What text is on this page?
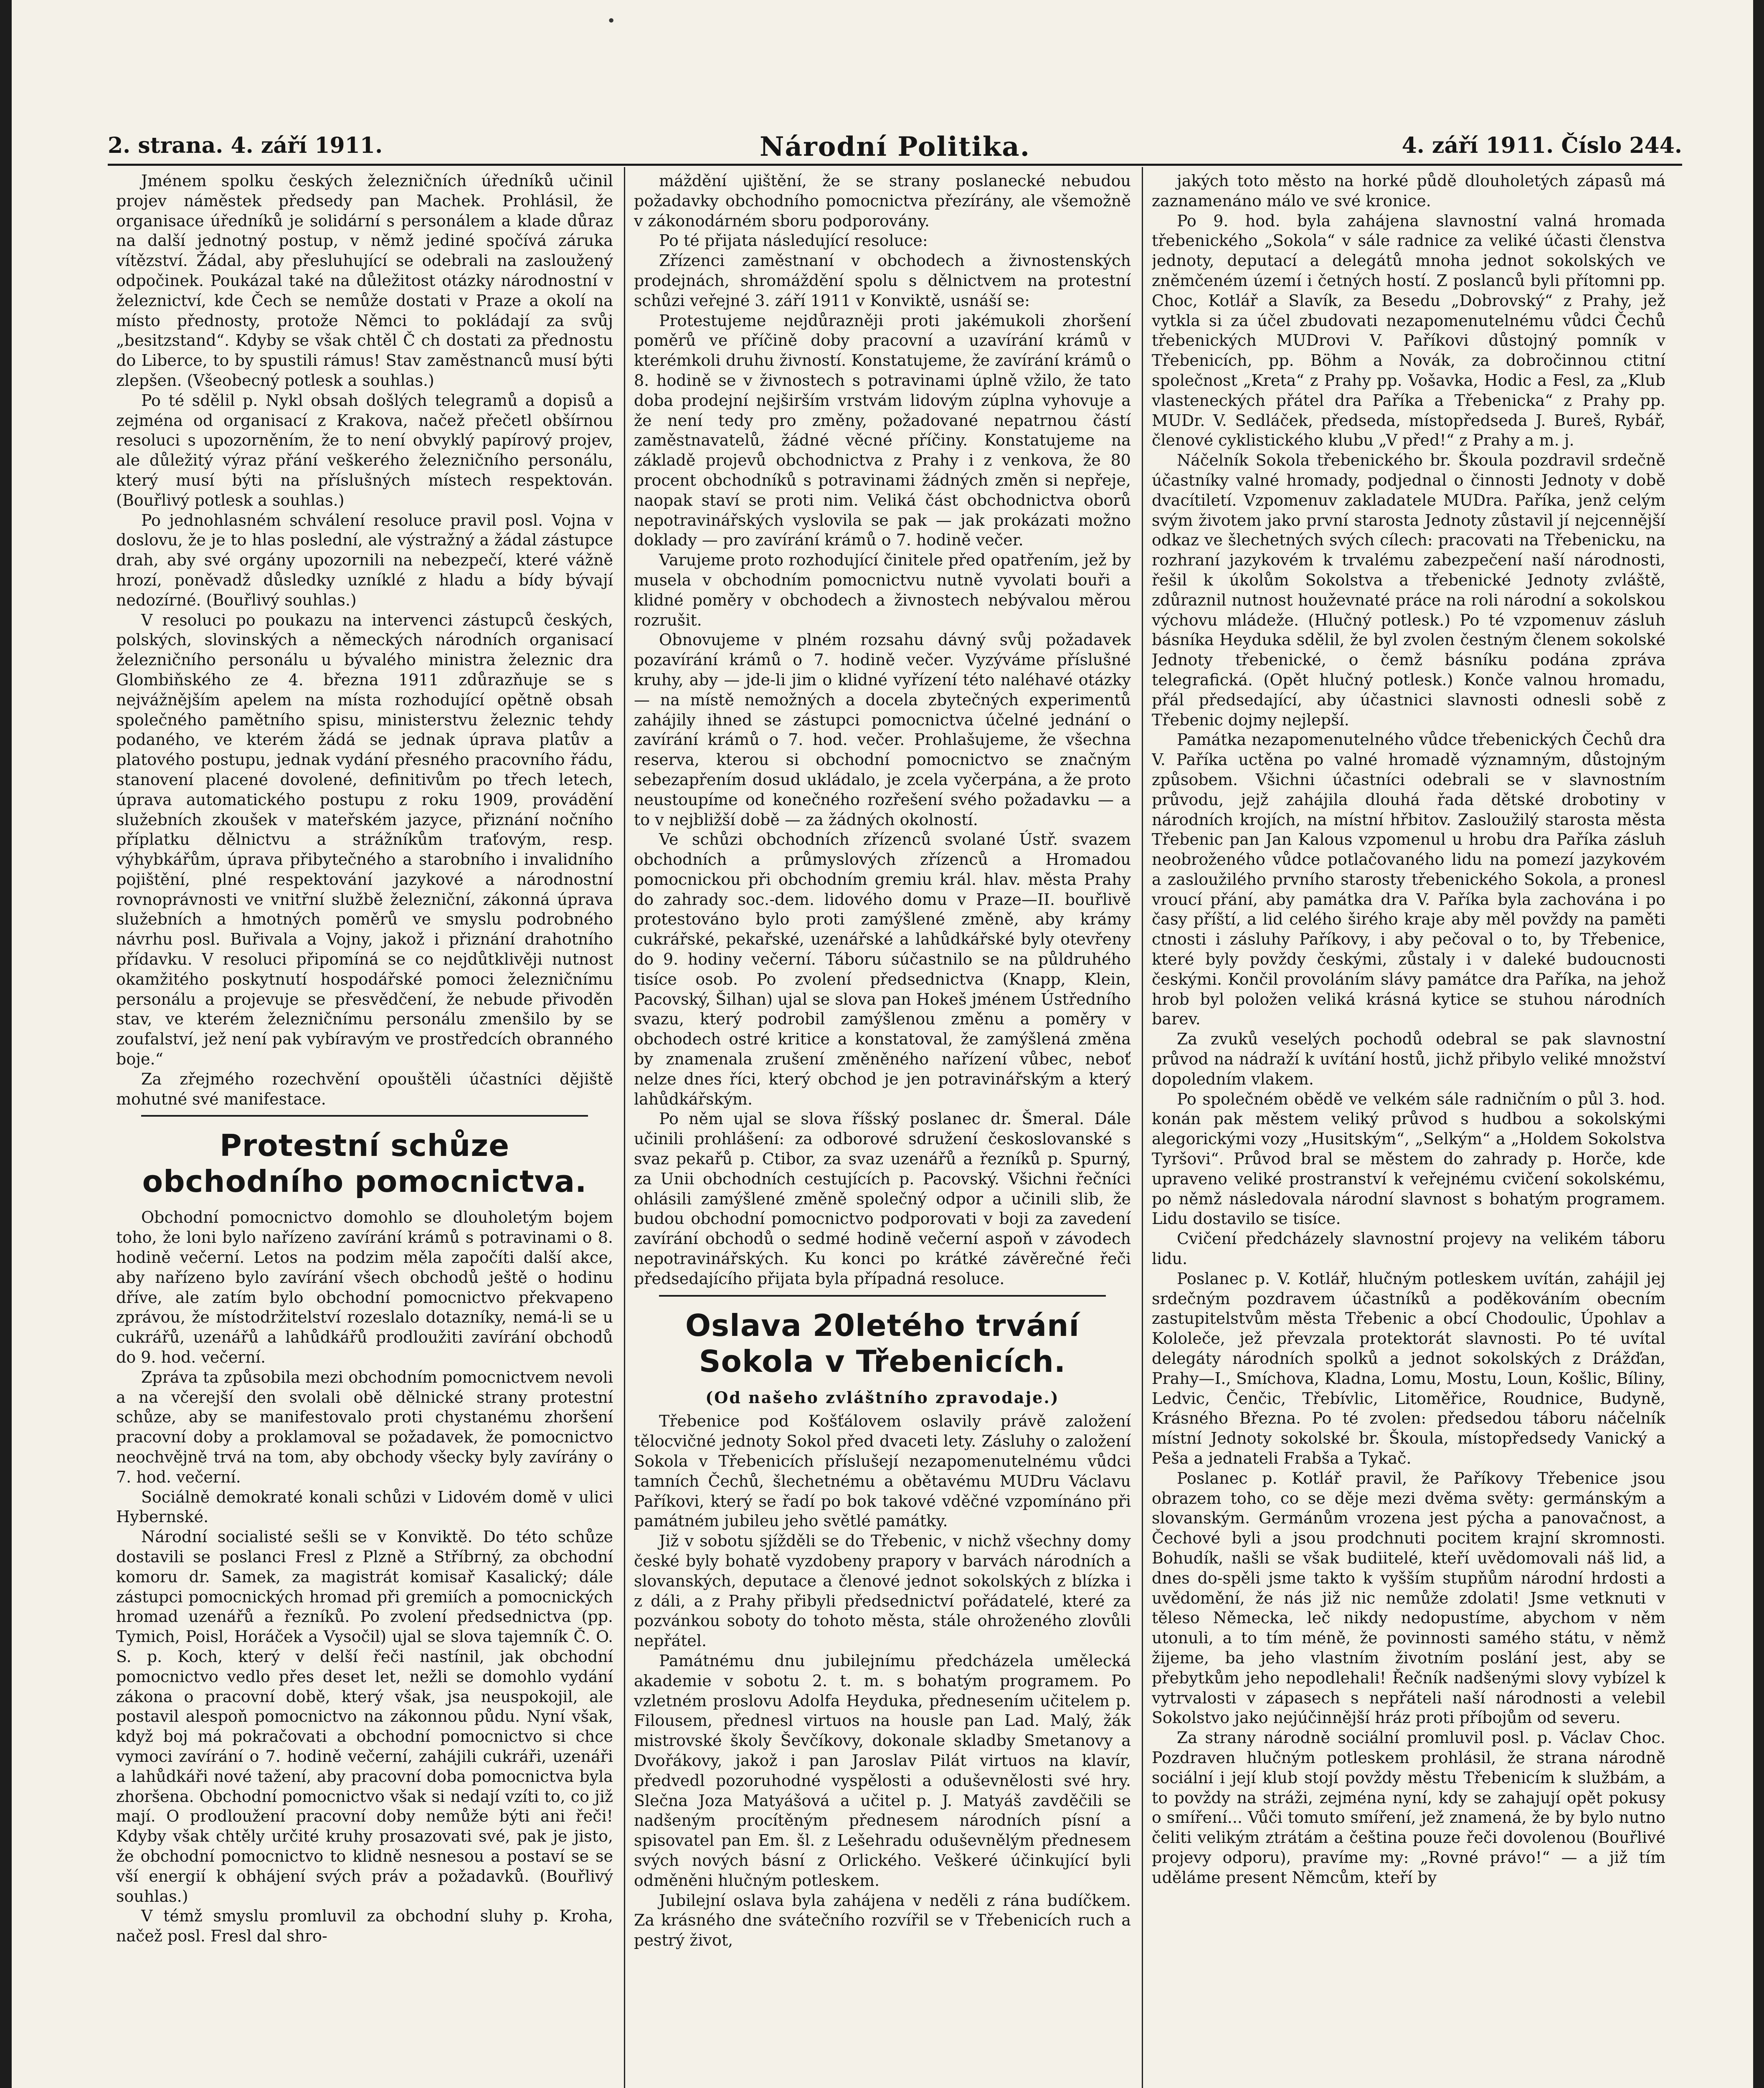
•
2. strana. 4. září 1911.	Národní Politika.	4. září 1911. Číslo 244.

Jménem spolku českých železničních úředníků učinil projev náměstek předsedy pan Machek. Prohlásil, že organisace úředníků je solidární s personálem a klade důraz na další jednotný postup, v němž jediné spočívá záruka vítězství. Žádal, aby přesluhující se odebrali na zasloužený odpočinek. Poukázal také na důležitost otázky národnostní v železnictví, kde Čech se nemůže dostati v Praze a okolí na místo přednosty, protože Němci to pokládají za svůj „besitzstand“. Kdyby se však chtěl Č ch dostati za přednostu do Liberce, to by spustili rámus! Stav zaměstnanců musí býti zlepšen. (Všeobecný potlesk a souhlas.)

Po té sdělil p. Nykl obsah došlých telegramů a dopisů a zejména od organisací z Krakova, načež přečetl obšírnou resoluci s upozorněním, že to není obvyklý papírový projev, ale důležitý výraz přání veškerého železničního personálu, který musí býti na příslušných místech respektován. (Bouřlivý potlesk a souhlas.)

Po jednohlasném schválení resoluce pravil posl. Vojna v doslovu, že je to hlas poslední, ale výstražný a žádal zástupce drah, aby své orgány upozornili na nebezpečí, které vážně hrozí, poněvadž důsledky uzníklé z hladu a bídy bývají nedozírné. (Bouřlivý souhlas.)

V resoluci po poukazu na intervenci zástupců českých, polských, slovinských a německých národních organisací železničního personálu u bývalého ministra železnic dra Glombiňského ze 4. března 1911 zdůrazňuje se s nejvážnějším apelem na místa rozhodující opětně obsah společného pamětního spisu, ministerstvu železnic tehdy podaného, ve kterém žádá se jednak úprava platův a platového postupu, jednak vydání přesného pracovního řádu, stanovení placené dovolené, definitivům po třech letech, úprava automatického postupu z roku 1909, provádění služebních zkoušek v mateřském jazyce, přiznání nočního příplatku dělnictvu a strážníkům traťovým, resp. výhybkářům, úprava přibytečného a starobního i invalidního pojištění, plné respektování jazykové a národnostní rovnoprávnosti ve vnitřní službě železniční, zákonná úprava služebních a hmotných poměrů ve smyslu podrobného návrhu posl. Buřivala a Vojny, jakož i přiznání drahotního přídavku. V resoluci připomíná se co nejdůtklivěji nutnost okamžitého poskytnutí hospodářské pomoci železničnímu personálu a projevuje se přesvědčení, že nebude přivoděn stav, ve kterém železničnímu personálu zmenšilo by se zoufalství, jež není pak vybíravým ve prostředcích obranného boje.“

Za zřejmého rozechvění opouštěli účastníci dějiště mohutné své manifestace.

Protestní schůze obchodního pomocnictva.

Obchodní pomocnictvo domohlo se dlouholetým bojem toho, že loni bylo nařízeno zavírání krámů s potravinami o 8. hodině večerní. Letos na podzim měla započíti další akce, aby nařízeno bylo zavírání všech obchodů ještě o hodinu dříve, ale zatím bylo obchodní pomocnictvo překvapeno zprávou, že místodržitelství rozeslalo dotazníky, nemá-li se u cukrářů, uzenářů a lahůdkářů prodloužiti zavírání obchodů do 9. hod. večerní.

Zpráva ta způsobila mezi obchodním pomocnictvem nevoli a na včerejší den svolali obě dělnické strany protestní schůze, aby se manifestovalo proti chystanému zhoršení pracovní doby a proklamoval se požadavek, že pomocnictvo neochvějně trvá na tom, aby obchody všecky byly zavírány o 7. hod. večerní.

Sociálně demokraté konali schůzi v Lidovém domě v ulici Hybernské.

Národní socialisté sešli se v Konviktě. Do této schůze dostavili se poslanci Fresl z Plzně a Stříbrný, za obchodní komoru dr. Samek, za magistrát komisař Kasalický; dále zástupci pomocnických hromad při gremiích a pomocnických hromad uzenářů a řezníků. Po zvolení předsednictva (pp. Tymich, Poisl, Horáček a Vysočil) ujal se slova tajemník Č. O. S. p. Koch, který v delší řeči nastínil, jak obchodní pomocnictvo vedlo přes deset let, nežli se domohlo vydání zákona o pracovní době, který však, jsa neuspokojil, ale postavil alespoň pomocnictvo na zákonnou půdu. Nyní však, když boj má pokračovati a obchodní pomocnictvo si chce vymoci zavírání o 7. hodině večerní, zahájili cukráři, uzenáři a lahůdkáři nové tažení, aby pracovní doba pomocnictva byla zhoršena. Obchodní pomocnictvo však si nedají vzíti to, co již mají. O prodloužení pracovní doby nemůže býti ani řeči! Kdyby však chtěly určité kruhy prosazovati své, pak je jisto, že obchodní pomocnictvo to klidně nesnesou a postaví se se vší energií k obhájení svých práv a požadavků. (Bouřlivý souhlas.)

V témž smyslu promluvil za obchodní sluhy p. Kroha, načež posl. Fresl dal shro-

máždění ujištění, že se strany poslanecké nebudou požadavky obchodního pomocnictva přezírány, ale všemožně v zákonodárném sboru podporovány.

Po té přijata následující resoluce:

Zřízenci zaměstnaní v obchodech a živnostenských prodejnách, shromáždění spolu s dělnictvem na protestní schůzi veřejné 3. září 1911 v Konviktě, usnáší se:

Protestujeme nejdůrazněji proti jakémukoli zhoršení poměrů ve příčině doby pracovní a uzavírání krámů v kterémkoli druhu živností. Konstatujeme, že zavírání krámů o 8. hodině se v živnostech s potravinami úplně vžilo, že tato doba prodejní nejširším vrstvám lidovým zúplna vyhovuje a že není tedy pro změny, požadované nepatrnou částí zaměstnavatelů, žádné věcné příčiny. Konstatujeme na základě projevů obchodnictva z Prahy i z venkova, že 80 procent obchodníků s potravinami žádných změn si nepřeje, naopak staví se proti nim. Veliká část obchodnictva oborů nepotravinářských vyslovila se pak — jak prokázati možno doklady — pro zavírání krámů o 7. hodině večer.

Varujeme proto rozhodující činitele před opatřením, jež by musela v obchodním pomocnictvu nutně vyvolati bouři a klidné poměry v obchodech a živnostech nebývalou měrou rozrušit.

Obnovujeme v plném rozsahu dávný svůj požadavek pozavírání krámů o 7. hodině večer. Vyzýváme příslušné kruhy, aby — jde-li jim o klidné vyřízení této naléhavé otázky — na místě nemožných a docela zbytečných experimentů zahájily ihned se zástupci pomocnictva účelné jednání o zavírání krámů o 7. hod. večer. Prohlašujeme, že všechna reserva, kterou si obchodní pomocnictvo se značným sebezapřením dosud ukládalo, je zcela vyčerpána, a že proto neustoupíme od konečného rozřešení svého požadavku — a to v nejbližší době — za žádných okolností.

Ve schůzi obchodních zřízenců svolané Ústř. svazem obchodních a průmyslových zřízenců a Hromadou pomocnickou při obchodním gremiu král. hlav. města Prahy do zahrady soc.-dem. lidového domu v Praze—II. bouřlivě protestováno bylo proti zamýšlené změně, aby krámy cukrářské, pekařské, uzenářské a lahůdkářské byly otevřeny do 9. hodiny večerní. Táboru súčastnilo se na půldruhého tisíce osob. Po zvolení předsednictva (Knapp, Klein, Pacovský, Šilhan) ujal se slova pan Hokeš jménem Ústředního svazu, který podrobil zamýšlenou změnu a poměry v obchodech ostré kritice a konstatoval, že zamýšlená změna by znamenala zrušení změněného nařízení vůbec, neboť nelze dnes říci, který obchod je jen potravinářským a který lahůdkářským.

Po něm ujal se slova říšský poslanec dr. Šmeral. Dále učinili prohlášení: za odborové sdružení českoslovanské s svaz pekařů p. Ctibor, za svaz uzenářů a řezníků p. Spurný, za Unii obchodních cestujících p. Pacovský. Všichni řečníci ohlásili zamýšlené změně společný odpor a učinili slib, že budou obchodní pomocnictvo podporovati v boji za zavedení zavírání obchodů o sedmé hodině večerní aspoň v závodech nepotravinářských. Ku konci po krátké závěrečné řeči předsedajícího přijata byla případná resoluce.

Oslava 20letého trvání Sokola v Třebenicích.
(Od našeho zvláštního zpravodaje.)

Třebenice pod Košťálovem oslavily právě založení tělocvičné jednoty Sokol před dvaceti lety. Zásluhy o založení Sokola v Třebenicích příslušejí nezapomenutelnému vůdci tamních Čechů, šlechetnému a obětavému MUDru Václavu Paříkovi, který se řadí po bok takové vděčné vzpomínáno při památném jubileu jeho světlé památky.

Již v sobotu sjížděli se do Třebenic, v nichž všechny domy české byly bohatě vyzdobeny prapory v barvách národních a slovanských, deputace a členové jednot sokolských z blízka i z dáli, a z Prahy přibyli předsednictví pořádatelé, které za pozvánkou soboty do tohoto města, stále ohroženého zlovůli nepřátel.

Památnému dnu jubilejnímu předcházela umělecká akademie v sobotu 2. t. m. s bohatým programem. Po vzletném proslovu Adolfa Heyduka, přednesením učitelem p. Filousem, přednesl virtuos na housle pan Lad. Malý, žák mistrovské školy Ševčíkovy, dokonale skladby Smetanovy a Dvořákovy, jakož i pan Jaroslav Pilát virtuos na klavír, předvedl pozoruhodné vyspělosti a oduševnělosti své hry. Slečna Joza Matyášová a učitel p. J. Matyáš zavděčili se nadšeným procítěným přednesem národních písní a spisovatel pan Em. šl. z Lešehradu oduševnělým přednesem svých nových básní z Orlického. Veškeré účinkující byli odměněni hlučným potleskem.

Jubilejní oslava byla zahájena v neděli z rána budíčkem. Za krásného dne svátečního rozvířil se v Třebenicích ruch a pestrý život,

jakých toto město na horké půdě dlouholetých zápasů má zaznamenáno málo ve své kronice.

Po 9. hod. byla zahájena slavnostní valná hromada třebenického „Sokola“ v sále radnice za veliké účasti členstva jednoty, deputací a delegátů mnoha jednot sokolských ve zněmčeném území i četných hostí. Z poslanců byli přítomni pp. Choc, Kotlář a Slavík, za Besedu „Dobrovský“ z Prahy, jež vytkla si za účel zbudovati nezapomenutelnému vůdci Čechů třebenických MUDrovi V. Paříkovi důstojný pomník v Třebenicích, pp. Böhm a Novák, za dobročinnou ctitní společnost „Kreta“ z Prahy pp. Vošavka, Hodic a Fesl, za „Klub vlasteneckých přátel dra Paříka a Třebenicka“ z Prahy pp. MUDr. V. Sedláček, předseda, místopředseda J. Bureš, Rybář, členové cyklistického klubu „V před!“ z Prahy a m. j.

Náčelník Sokola třebenického br. Škoula pozdravil srdečně účastníky valné hromady, podjednal o činnosti Jednoty v době dvacítiletí. Vzpomenuv zakladatele MUDra. Paříka, jenž celým svým životem jako první starosta Jednoty zůstavil jí nejcennější odkaz ve šlechetných svých cílech: pracovati na Třebenicku, na rozhraní jazykovém k trvalému zabezpečení naší národnosti, řešil k úkolům Sokolstva a třebenické Jednoty zvláště, zdůraznil nutnost houževnaté práce na roli národní a sokolskou výchovu mládeže. (Hlučný potlesk.) Po té vzpomenuv zásluh básníka Heyduka sdělil, že byl zvolen čestným členem sokolské Jednoty třebenické, o čemž básníku podána zpráva telegrafická. (Opět hlučný potlesk.) Konče valnou hromadu, přál předsedající, aby účastnici slavnosti odnesli sobě z Třebenic dojmy nejlepší.

Památka nezapomenutelného vůdce třebenických Čechů dra V. Paříka uctěna po valné hromadě významným, důstojným způsobem. Všichni účastníci odebrali se v slavnostním průvodu, jejž zahájila dlouhá řada dětské drobotiny v národních krojích, na místní hřbitov. Zasloužilý starosta města Třebenic pan Jan Kalous vzpomenul u hrobu dra Paříka zásluh neobroženého vůdce potlačovaného lidu na pomezí jazykovém a zasloužilého prvního starosty třebenického Sokola, a pronesl vroucí přání, aby památka dra V. Paříka byla zachována i po časy příští, a lid celého širého kraje aby měl povždy na paměti ctnosti i zásluhy Paříkovy, i aby pečoval o to, by Třebenice, které byly povždy českými, zůstaly i v daleké budoucnosti českými. Končil provoláním slávy památce dra Paříka, na jehož hrob byl položen veliká krásná kytice se stuhou národních barev.

Za zvuků veselých pochodů odebral se pak slavnostní průvod na nádraží k uvítání hostů, jichž přibylo veliké množství dopoledním vlakem.

Po společném obědě ve velkém sále radničním o půl 3. hod. konán pak městem veliký průvod s hudbou a sokolskými alegorickými vozy „Husitským“, „Selkým“ a „Holdem Sokolstva Tyršovi“. Průvod bral se městem do zahrady p. Horče, kde upraveno veliké prostranství k veřejnému cvičení sokolskému, po němž následovala národní slavnost s bohatým programem. Lidu dostavilo se tisíce.

Cvičení předcházely slavnostní projevy na velikém táboru lidu.

Poslanec p. V. Kotlář, hlučným potleskem uvítán, zahájil jej srdečným pozdravem účastníků a poděkováním obecním zastupitelstvům města Třebenic a obcí Chodoulic, Úpohlav a Kololeče, jež převzala protektorát slavnosti. Po té uvítal delegáty národních spolků a jednot sokolských z Drážďan, Prahy—I., Smíchova, Kladna, Lomu, Mostu, Loun, Košlic, Bíliny, Ledvic, Čenčic, Třebívlic, Litoměřice, Roudnice, Budyně, Krásného Března. Po té zvolen: předsedou táboru náčelník místní Jednoty sokolské br. Škoula, místopředsedy Vanický a Peša a jednateli Frabša a Tykač.

Poslanec p. Kotlář pravil, že Paříkovy Třebenice jsou obrazem toho, co se děje mezi dvěma světy: germánským a slovanským. Germánům vrozena jest pýcha a panovačnost, a Čechové byli a jsou prodchnuti pocitem krajní skromnosti. Bohudík, našli se však budiitelé, kteří uvědomovali náš lid, a dnes do-spěli jsme takto k vyšším stupňům národní hrdosti a uvědomění, že nás již nic nemůže zdolati! Jsme vetknuti v těleso Německa, leč nikdy nedopustíme, abychom v něm utonuli, a to tím méně, že povinnosti samého státu, v němž žijeme, ba jeho vlastním životním poslání jest, aby se přebytkům jeho nepodlehali! Řečník nadšenými slovy vybízel k vytrvalosti v zápasech s nepřáteli naší národnosti a velebil Sokolstvo jako nejúčinnější hráz proti příbojům od severu.

Za strany národně sociální promluvil posl. p. Václav Choc. Pozdraven hlučným potleskem prohlásil, že strana národně sociální i její klub stojí povždy městu Třebenicím k službám, a to povždy na stráži, zejména nyní, kdy se zahajují opět pokusy o smíření... Vůči tomuto smíření, jež znamená, že by bylo nutno čeliti velikým ztrátám a čeština pouze řeči dovolenou (Bouřlivé projevy odporu), pravíme my: „Rovné právo!“ — a již tím uděláme present Němcům, kteří by
